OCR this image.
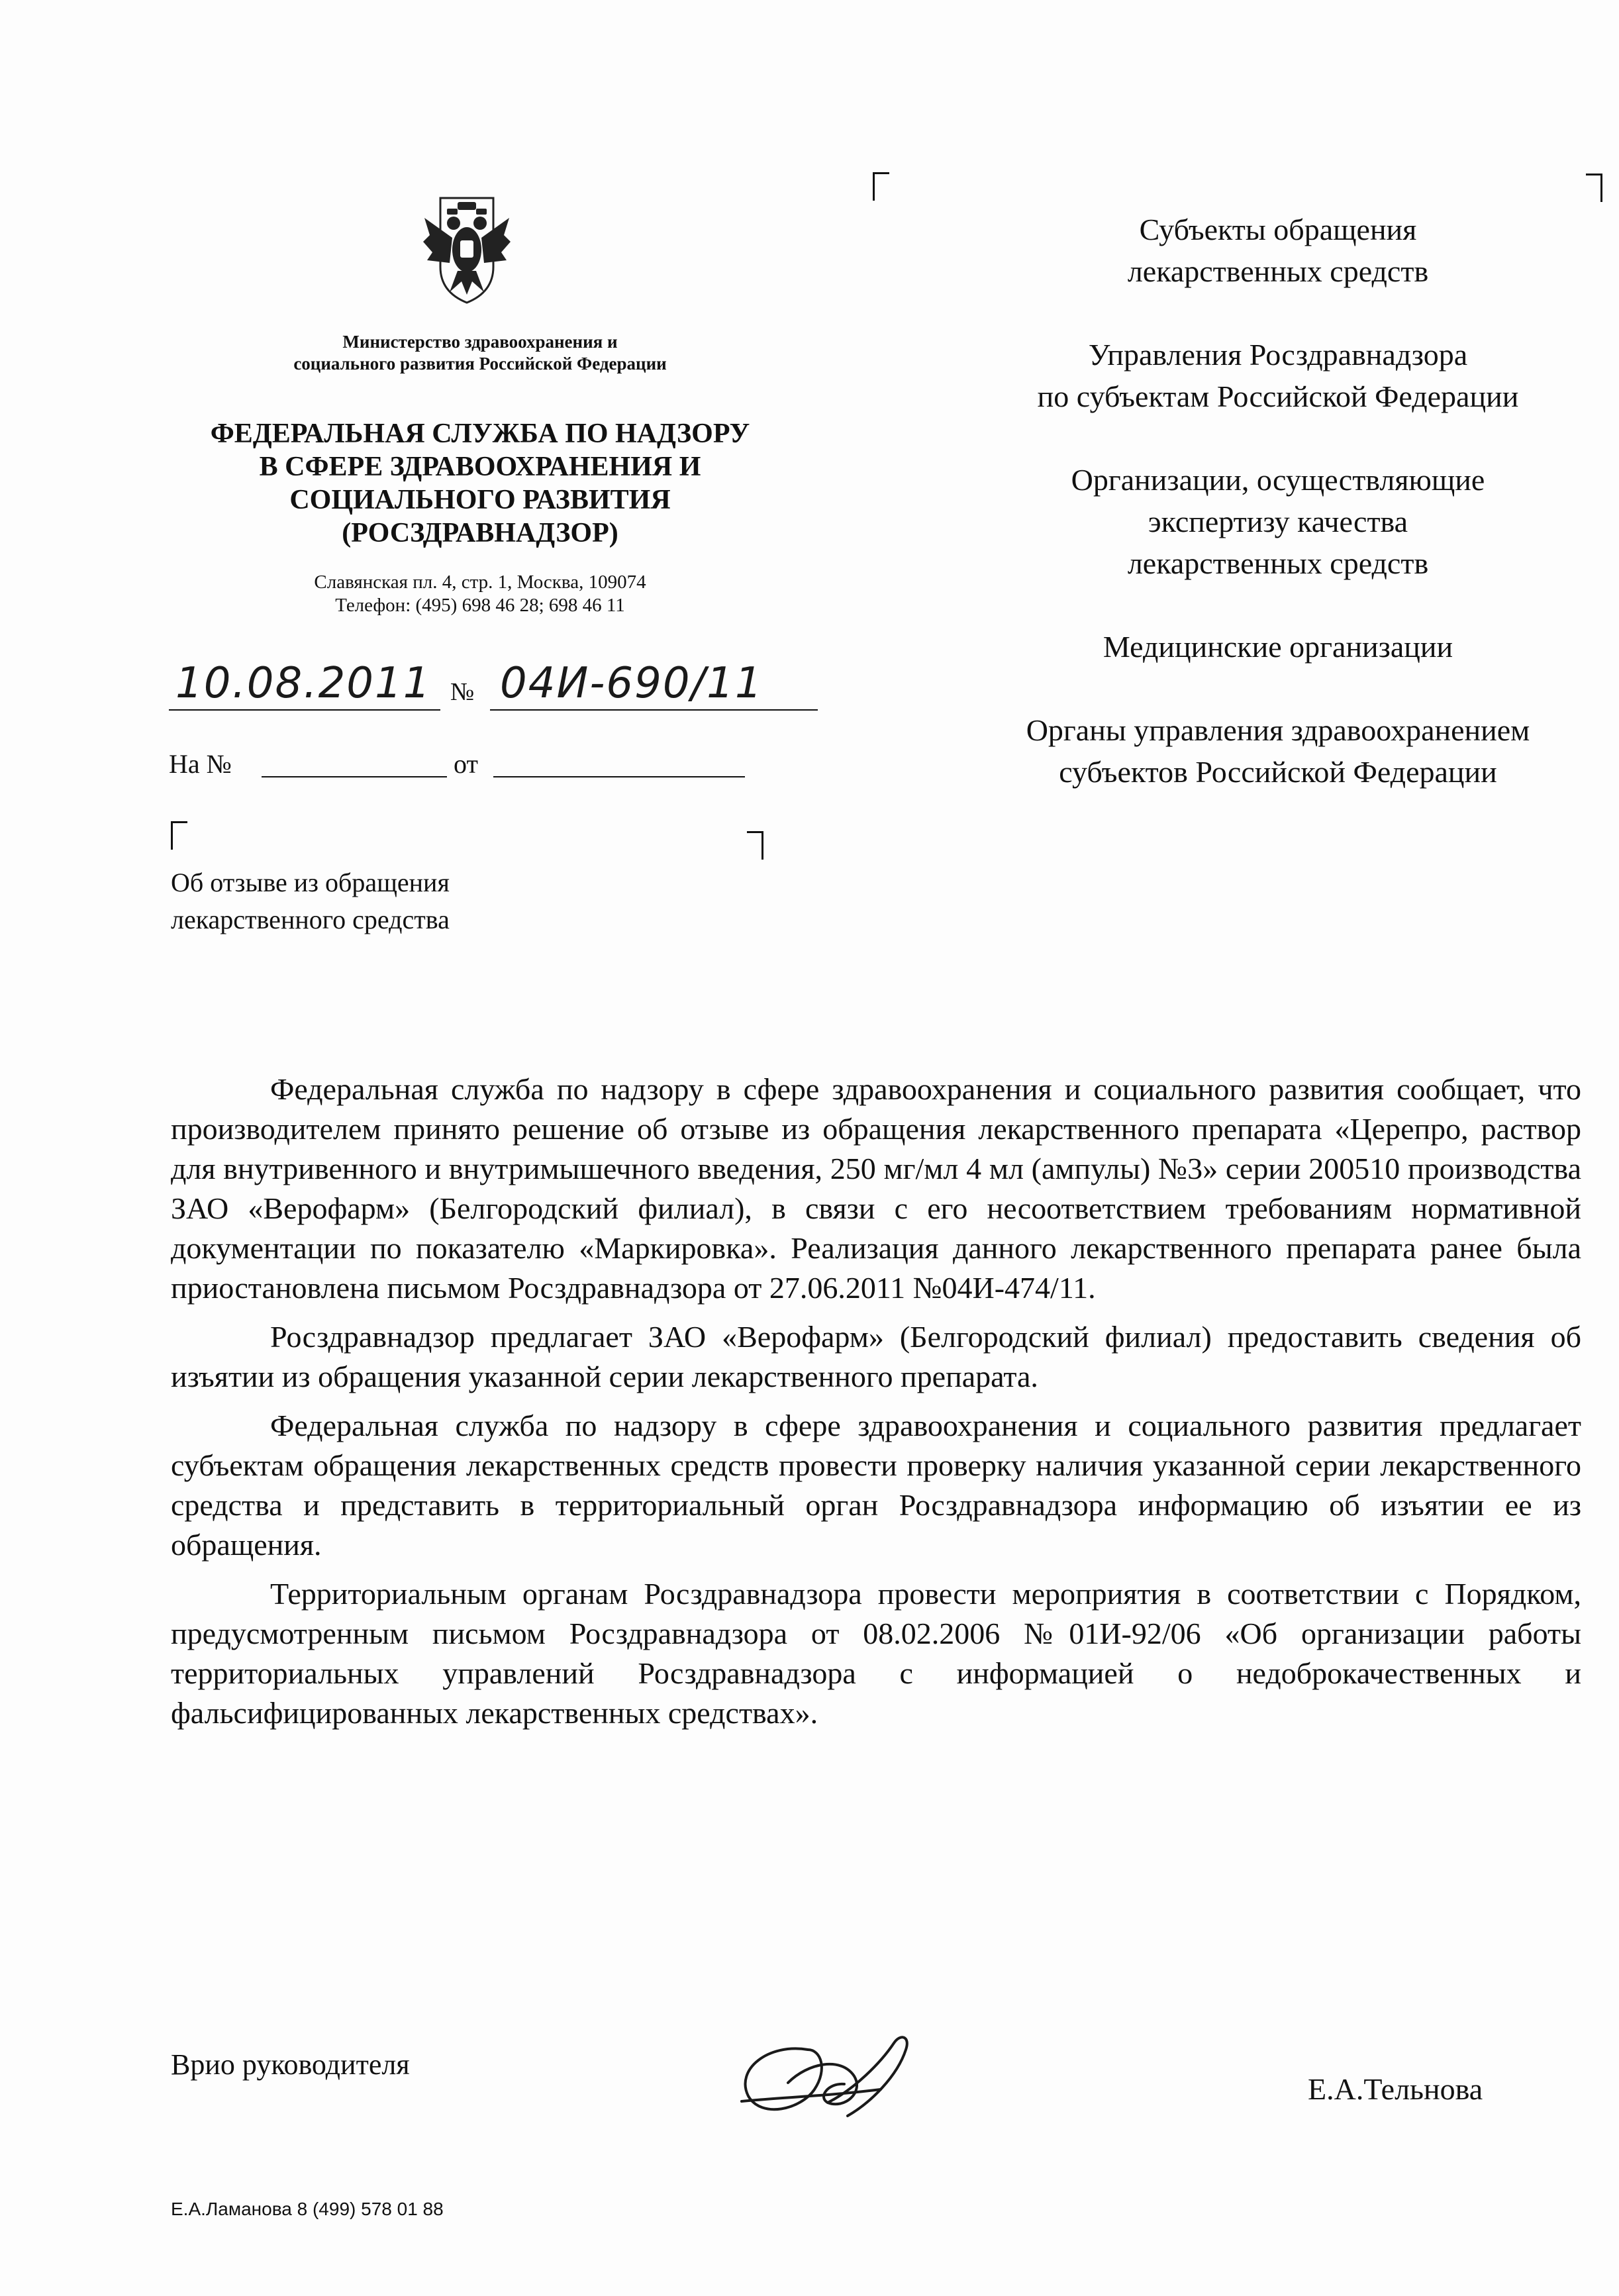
Министерство здравоохранения и
социального развития Российской Федерации
ФЕДЕРАЛЬНАЯ СЛУЖБА ПО НАДЗОРУ
В СФЕРЕ ЗДРАВООХРАНЕНИЯ И
СОЦИАЛЬНОГО РАЗВИТИЯ
(РОСЗДРАВНАДЗОР)
Славянская пл. 4, стр. 1, Москва, 109074
Телефон: (495) 698 46 28; 698 46 11
10.08.2011 № 04И-690/11
На №	от
Об отзыве из обращения
лекарственного средства
Субъекты обращения
лекарственных средств
Управления Росздравнадзора
по субъектам Российской Федерации
Организации, осуществляющие
экспертизу качества
лекарственных средств
Медицинские организации
Органы управления здравоохранением
субъектов Российской Федерации

Федеральная служба по надзору в сфере здравоохранения и социального развития сообщает, что производителем принято решение об отзыве из обращения лекарственного препарата «Церепро, раствор для внутривенного и внутримышечного введения, 250 мг/мл 4 мл (ампулы) №3» серии 200510 производства ЗАО «Верофарм» (Белгородский филиал), в связи с его несоответствием требованиям нормативной документации по показателю «Маркировка». Реализация данного лекарственного препарата ранее была приостановлена письмом Росздравнадзора от 27.06.2011 №04И-474/11.

Росздравнадзор предлагает ЗАО «Верофарм» (Белгородский филиал) предоставить сведения об изъятии из обращения указанной серии лекарственного препарата.

Федеральная служба по надзору в сфере здравоохранения и социального развития предлагает субъектам обращения лекарственных средств провести проверку наличия указанной серии лекарственного средства и представить в территориальный орган Росздравнадзора информацию об изъятии ее из обращения.

Территориальным органам Росздравнадзора провести мероприятия в соответствии с Порядком, предусмотренным письмом Росздравнадзора от 08.02.2006 №01И-92/06 «Об организации работы территориальных управлений Росздравнадзора с информацией о недоброкачественных и фальсифицированных лекарственных средствах».

Врио руководителя
Е.А.Тельнова
Е.А.Ламанова 8 (499) 578 01 88
